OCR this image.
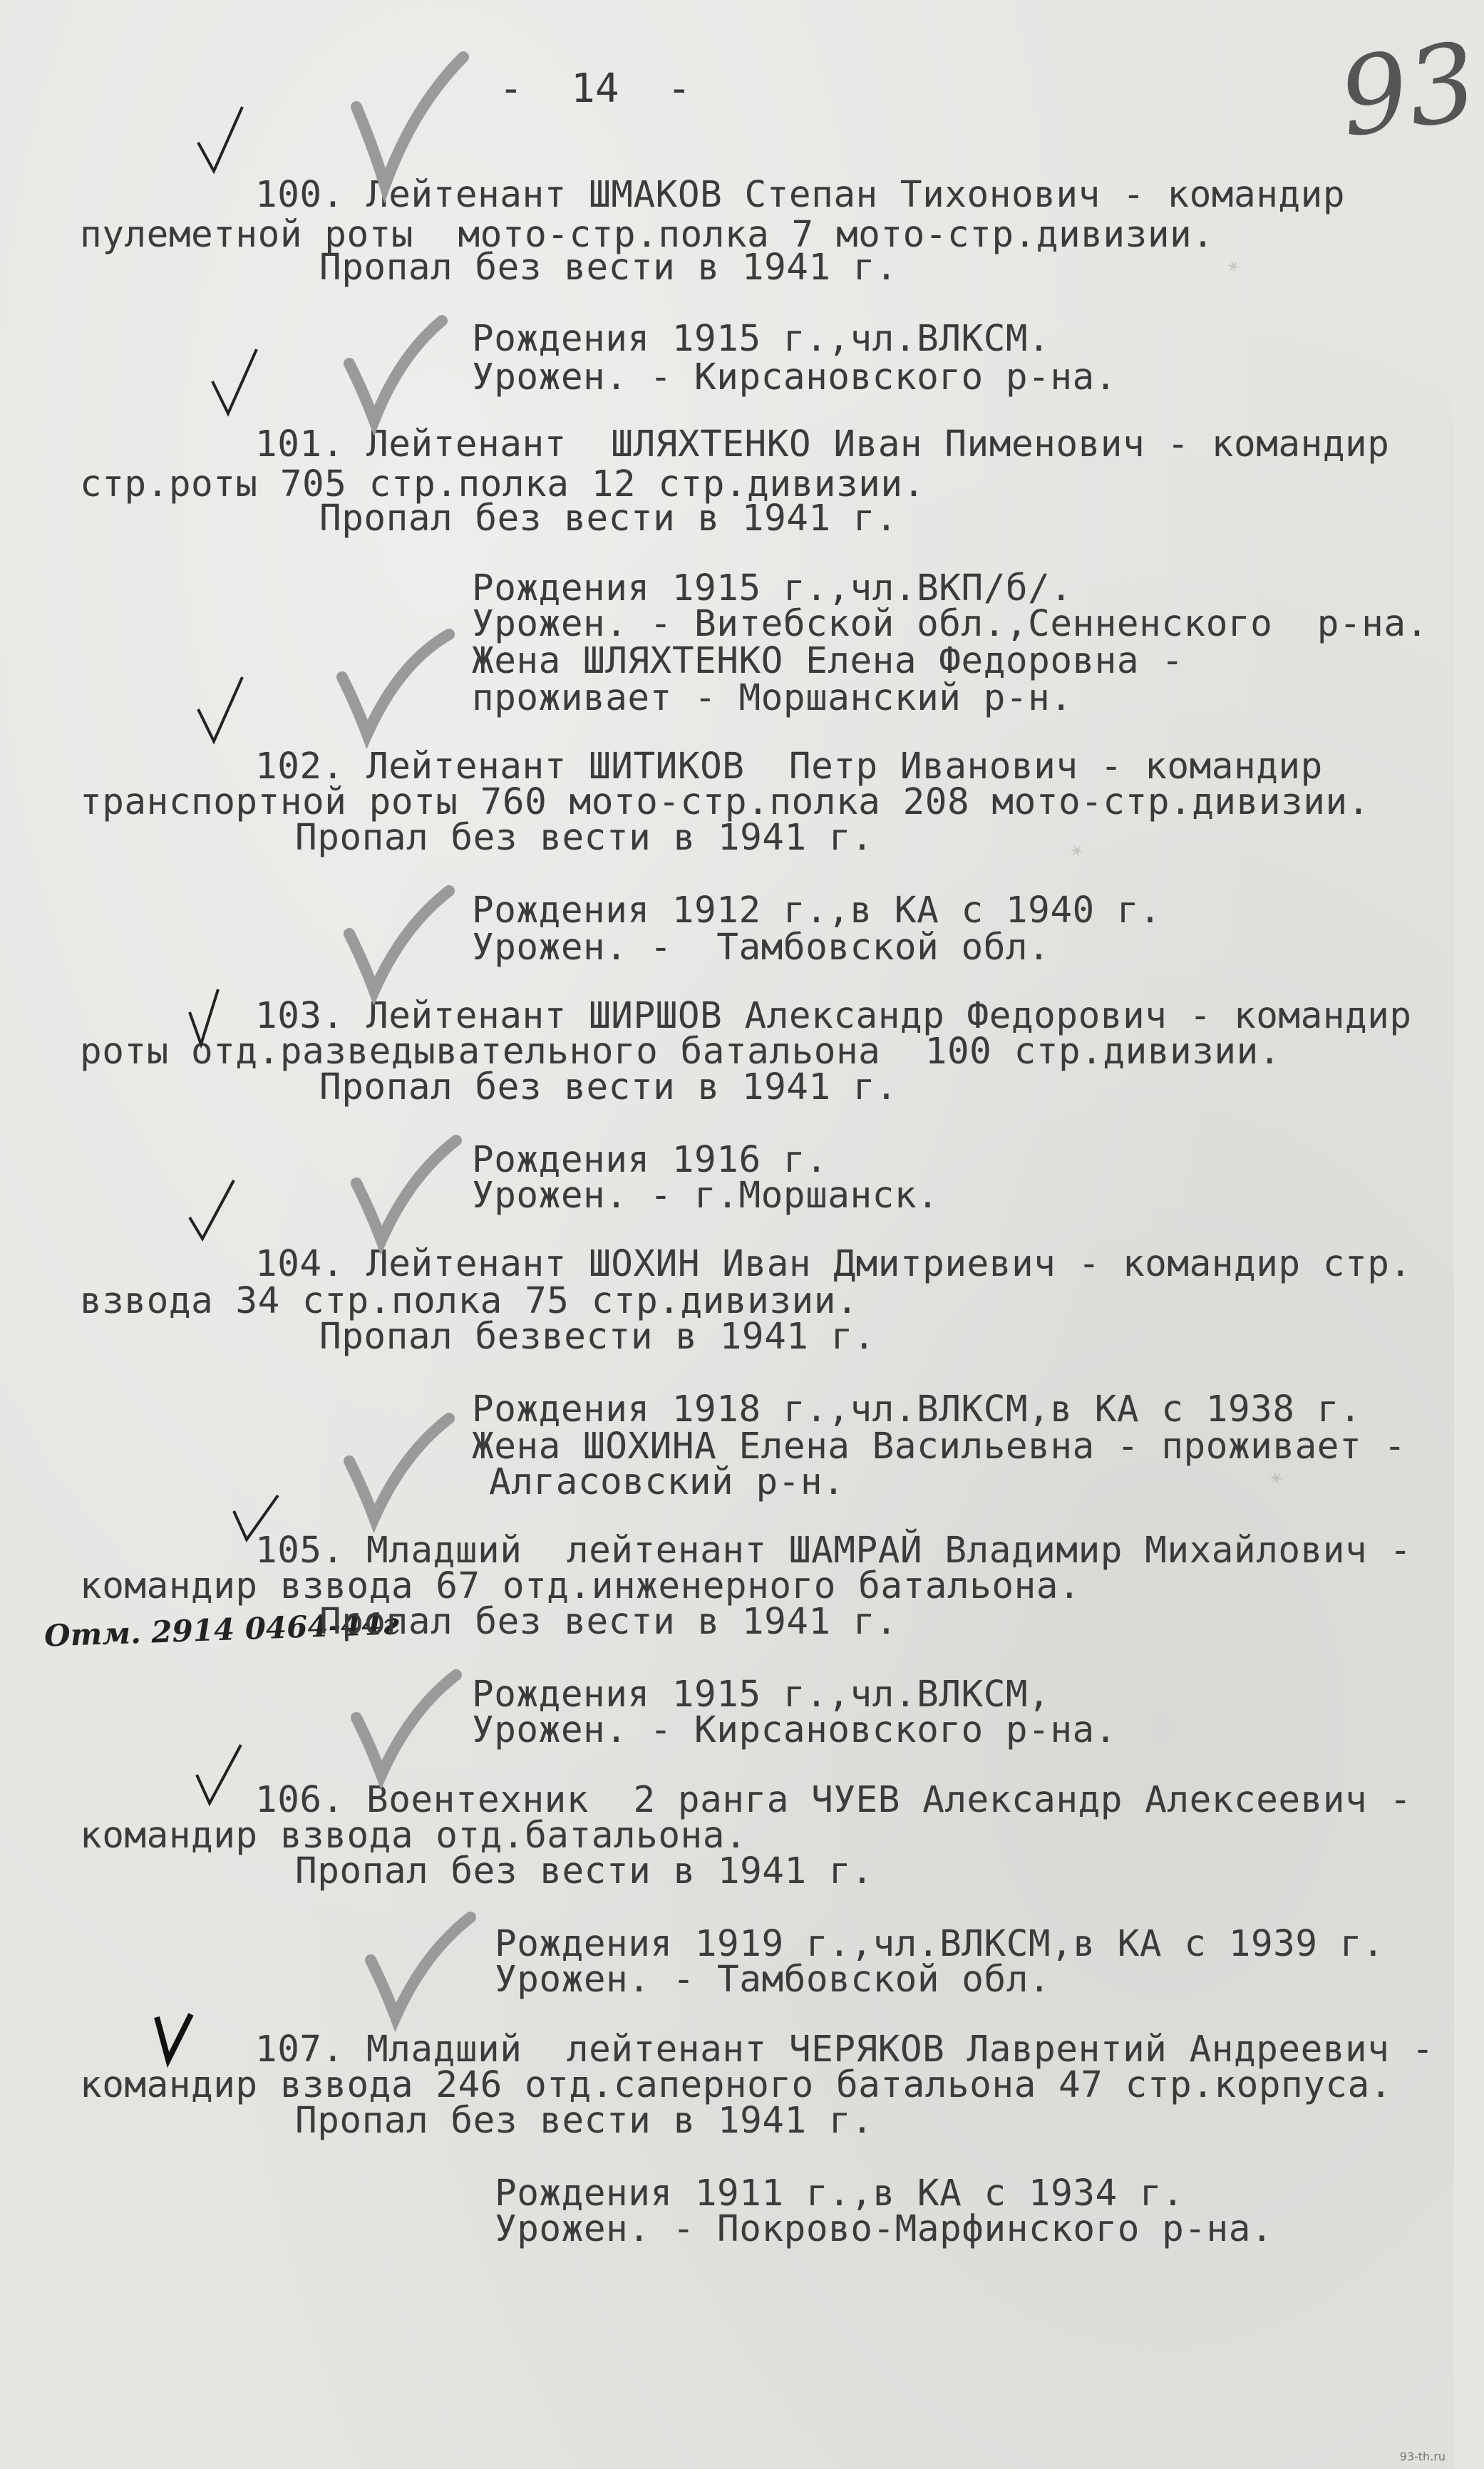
✶
✶
✶
-  14  -	93
Отм. 2914 0464-44г
100. Лейтенант ШМАКОВ Степан Тихонович - командир
пулеметной роты  мото-стр.полка 7 мото-стр.дивизии.
Пропал без вести в 1941 г.
Рождения 1915 г.,чл.ВЛКСМ.
Урожен. - Кирсановского р-на.
101. Лейтенант  ШЛЯХТЕНКО Иван Пименович - командир
стр.роты 705 стр.полка 12 стр.дивизии.
Пропал без вести в 1941 г.
Рождения 1915 г.,чл.ВКП/б/.
Урожен. - Витебской обл.,Сенненского  р-на.
Жена ШЛЯХТЕНКО Елена Федоровна -
проживает - Моршанский р-н.
102. Лейтенант ШИТИКОВ  Петр Иванович - командир
транспортной роты 760 мото-стр.полка 208 мото-стр.дивизии.
Пропал без вести в 1941 г.
Рождения 1912 г.,в КА с 1940 г.
Урожен. -  Тамбовской обл.
103. Лейтенант ШИРШОВ Александр Федорович - командир
роты отд.разведывательного батальона  100 стр.дивизии.
Пропал без вести в 1941 г.
Рождения 1916 г.
Урожен. - г.Моршанск.
104. Лейтенант ШОХИН Иван Дмитриевич - командир стр.
взвода 34 стр.полка 75 стр.дивизии.
Пропал безвести в 1941 г.
Рождения 1918 г.,чл.ВЛКСМ,в КА с 1938 г.
Жена ШОХИНА Елена Васильевна - проживает -
Алгасовский р-н.
105. Младший  лейтенант ШАМРАЙ Владимир Михайлович -
командир взвода 67 отд.инженерного батальона.
Пропал без вести в 1941 г.
Рождения 1915 г.,чл.ВЛКСМ,
Урожен. - Кирсановского р-на.
106. Воентехник  2 ранга ЧУЕВ Александр Алексеевич -
командир взвода отд.батальона.
Пропал без вести в 1941 г.
Рождения 1919 г.,чл.ВЛКСМ,в КА с 1939 г.
Урожен. - Тамбовской обл.
107. Младший  лейтенант ЧЕРЯКОВ Лаврентий Андреевич -
командир взвода 246 отд.саперного батальона 47 стр.корпуса.
Пропал без вести в 1941 г.
Рождения 1911 г.,в КА с 1934 г.
Урожен. - Покрово-Марфинского р-на.
93-th.ru
